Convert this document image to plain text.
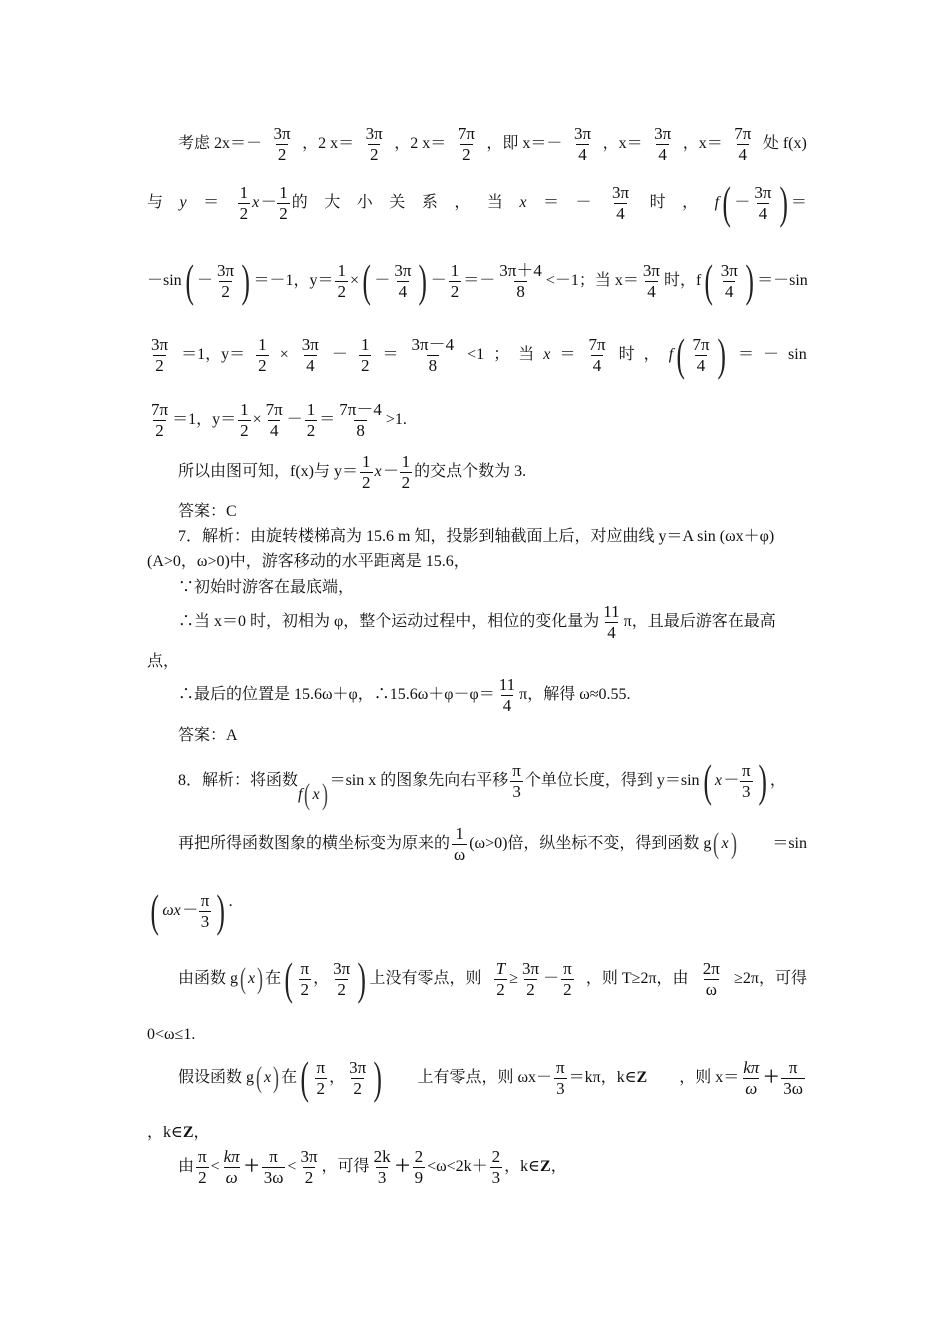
考虑 $2x=- \frac{3\pi}{2}$ ，2 $x= \frac{3\pi}{2}$ ，2 $x= \frac{7\pi}{2}$ ，即 $x=- \frac{3\pi}{4}$ ，$x= \frac{3\pi}{4}$ ，$x= \frac{7\pi}{4}$ 处 f(x)
与 $y = \frac{1}{2} x- \frac{1}{2}$ 的 大 小 关 系 ， 当 x ＝ － $\frac{3\pi}{4}$ 时 ， f ( － $\frac{3\pi}{4}$ ) ＝
－sin ( － $\frac{3\pi}{2}$ ) ＝－1，$y= \frac{1}{2}$ × ( － $\frac{3\pi}{4}$ ) － $\frac{1}{2} =- \frac{3\pi+4}{8} <-1$；当 $x= \frac{3\pi}{4}$ 时，f ( $\frac{3\pi}{4}$ ) ＝－sin
$\frac{3\pi}{2} =1$，$y= \frac{1}{2} \times \frac{3\pi}{4} - \frac{1}{2} = \frac{3\pi-4}{8} <1$ ； 当 $x = \frac{7\pi}{4}$ 时 ， f ( $\frac{7\pi}{4}$ ) ＝ － sin
$\frac{7\pi}{2} =1$，$y= \frac{1}{2} \times \frac{7\pi}{4} - \frac{1}{2} = \frac{7\pi-4}{8} >1$.
所以由图可知，f(x)与 $y= \frac{1}{2} x- \frac{1}{2}$ 的交点个数为 3.
答案：C
7．解析：由旋转楼梯高为 15.6 m 知，投影到轴截面上后，对应曲线 y＝A sin (ωx＋φ)
(A>0，ω>0)中，游客移动的水平距离是 15.6，
∵初始时游客在最底端，
∴当 x＝0 时，初相为 φ，整个运动过程中，相位的变化量为 $\frac{11}{4}$ π，且最后游客在最高
点，
∴最后的位置是 15.6ω＋φ，∴15.6ω＋φ－φ＝ $\frac{11}{4}$ π，解得 ω≈0.55.
答案：A
8．解析：将函数
f ( x ) ＝sin x 的图象先向右平移 $\frac{\pi}{3}$ 个单位长度，得到 y＝sin ( $x- \frac{\pi}{3}$ ) ，
再把所得函数图象的横坐标变为原来的 $\frac{1}{\omega} (\omega>0)$倍，纵坐标不变，得到函数 g ( x ) ＝sin
( $\omega x- \frac{\pi}{3}$ ) .
由函数 g ( x ) 在 ( $\frac{\pi}{2}$ ， $\frac{3\pi}{2}$ ) 上没有零点，则 $\frac{T}{2} \ge \frac{3\pi}{2} - \frac{\pi}{2}$ ，则 T≥2π，由 $\frac{2\pi}{\omega} \ge 2\pi$，可得
0<ω≤1.
假设函数 g ( x ) 在 ( $\frac{\pi}{2}$ ， $\frac{3\pi}{2}$ ) 上有零点，则 $\omega x- \frac{\pi}{3} =k\pi$，k∈ Z ，则 $x= \frac{k\pi}{\omega} + \frac{\pi}{3\omega}$
，k∈ Z ，
由 $\frac{\pi}{2} < \frac{k\pi}{\omega} + \frac{\pi}{3\omega} < \frac{3\pi}{2}$ ，可得 $\frac{2k}{3} + \frac{2}{9} <\omega<2k+ \frac{2}{3}$ ，k∈ Z ，
